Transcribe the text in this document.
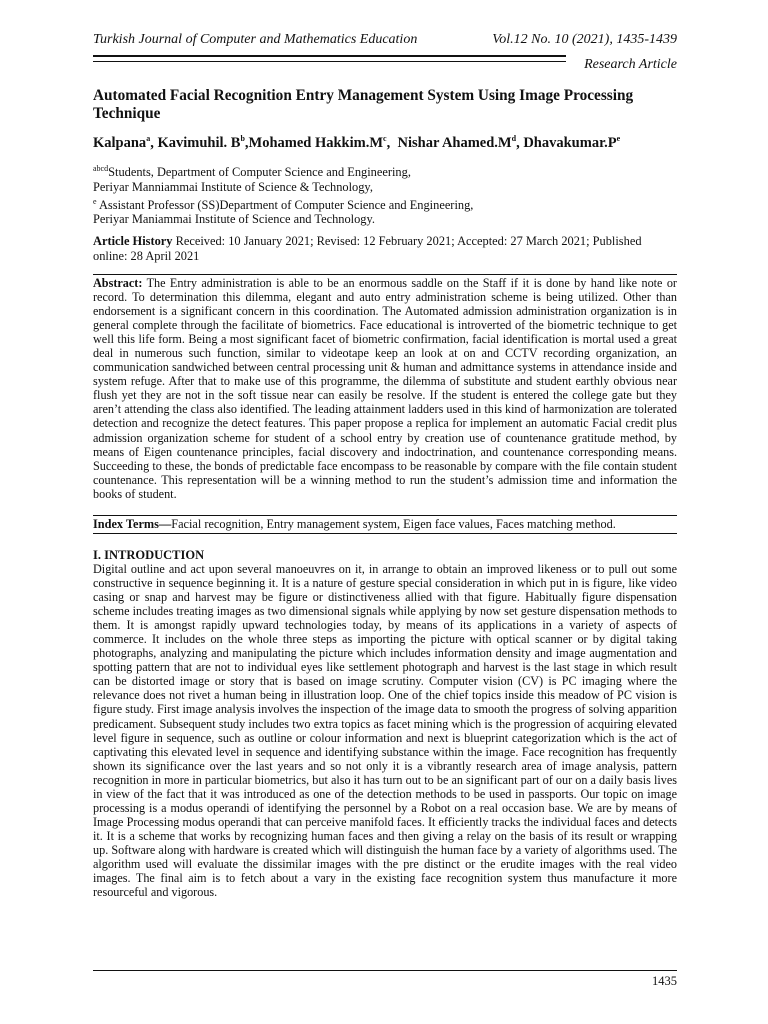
Turkish Journal of Computer and Mathematics Education	Vol.12 No. 10 (2021), 1435-1439
Research Article
Automated Facial Recognition Entry Management System Using Image Processing Technique
Kalpana$^a$, Kavimuhil. $B^b,Mohamed$ $Hakkim.M^c$,  Nishar $Ahamed.M^d$, $Dhavakumar.P^e$
$^{abcd}$Students, Department of Computer Science and Engineering,
Periyar Manniammai Institute of Science & Technology,
$^e$ Assistant Professor (SS)Department of Computer Science and Engineering,
Periyar Maniammai Institute of Science and Technology.
Article History Received: 10 January 2021; Revised: 12 February 2021; Accepted: 27 March 2021; Published online: 28 April 2021
Abstract: The Entry administration is able to be an enormous saddle on the Staff if it is done by hand like note or record. To determination this dilemma, elegant and auto entry administration scheme is being utilized. Other than endorsement is a significant concern in this coordination. The Automated admission administration organization is in general complete through the facilitate of biometrics. Face educational is introverted of the biometric technique to get well this life form. Being a most significant facet of biometric confirmation, facial identification is mortal used a great deal in numerous such function, similar to videotape keep an look at on and CCTV recording organization, an communication sandwiched between central processing unit & human and admittance systems in attendance inside and system refuge. After that to make use of this programme, the dilemma of substitute and student earthly obvious near flush yet they are not in the soft tissue near can easily be resolve. If the student is entered the college gate but they aren’t attending the class also identified. The leading attainment ladders used in this kind of harmonization are tolerated detection and recognize the detect features. This paper propose a replica for implement an automatic Facial credit plus admission organization scheme for student of a school entry by creation use of countenance gratitude method, by means of Eigen countenance principles, facial discovery and indoctrination, and countenance corresponding means. Succeeding to these, the bonds of predictable face encompass to be reasonable by compare with the file contain student countenance. This representation will be a winning method to run the student’s admission time and information the books of student.
Index Terms—Facial recognition, Entry management system, Eigen face values, Faces matching method.
I. INTRODUCTION
Digital outline and act upon several manoeuvres on it, in arrange to obtain an improved likeness or to pull out some constructive in sequence beginning it. It is a nature of gesture special consideration in which put in is figure, like video casing or snap and harvest may be figure or distinctiveness allied with that figure. Habitually figure dispensation scheme includes treating images as two dimensional signals while applying by now set gesture dispensation methods to them. It is amongst rapidly upward technologies today, by means of its applications in a variety of aspects of commerce. It includes on the whole three steps as importing the picture with optical scanner or by digital taking photographs, analyzing and manipulating the picture which includes information density and image augmentation and spotting pattern that are not to individual eyes like settlement photograph and harvest is the last stage in which result can be distorted image or story that is based on image scrutiny. Computer vision (CV) is PC imaging where the relevance does not rivet a human being in illustration loop. One of the chief topics inside this meadow of PC vision is figure study. First image analysis involves the inspection of the image data to smooth the progress of solving apparition predicament. Subsequent study includes two extra topics as facet mining which is the progression of acquiring elevated level figure in sequence, such as outline or colour information and next is blueprint categorization which is the act of captivating this elevated level in sequence and identifying substance within the image. Face recognition has frequently shown its significance over the last years and so not only it is a vibrantly research area of image analysis, pattern recognition in more in particular biometrics, but also it has turn out to be an significant part of our on a daily basis lives in view of the fact that it was introduced as one of the detection methods to be used in passports. Our topic on image processing is a modus operandi of identifying the personnel by a Robot on a real occasion base. We are by means of Image Processing modus operandi that can perceive manifold faces. It efficiently tracks the individual faces and detects it. It is a scheme that works by recognizing human faces and then giving a relay on the basis of its result or wrapping up. Software along with hardware is created which will distinguish the human face by a variety of algorithms used. The algorithm used will evaluate the dissimilar images with the pre distinct or the erudite images with the real video images. The final aim is to fetch about a vary in the existing face recognition system thus manufacture it more resourceful and vigorous.
1435
